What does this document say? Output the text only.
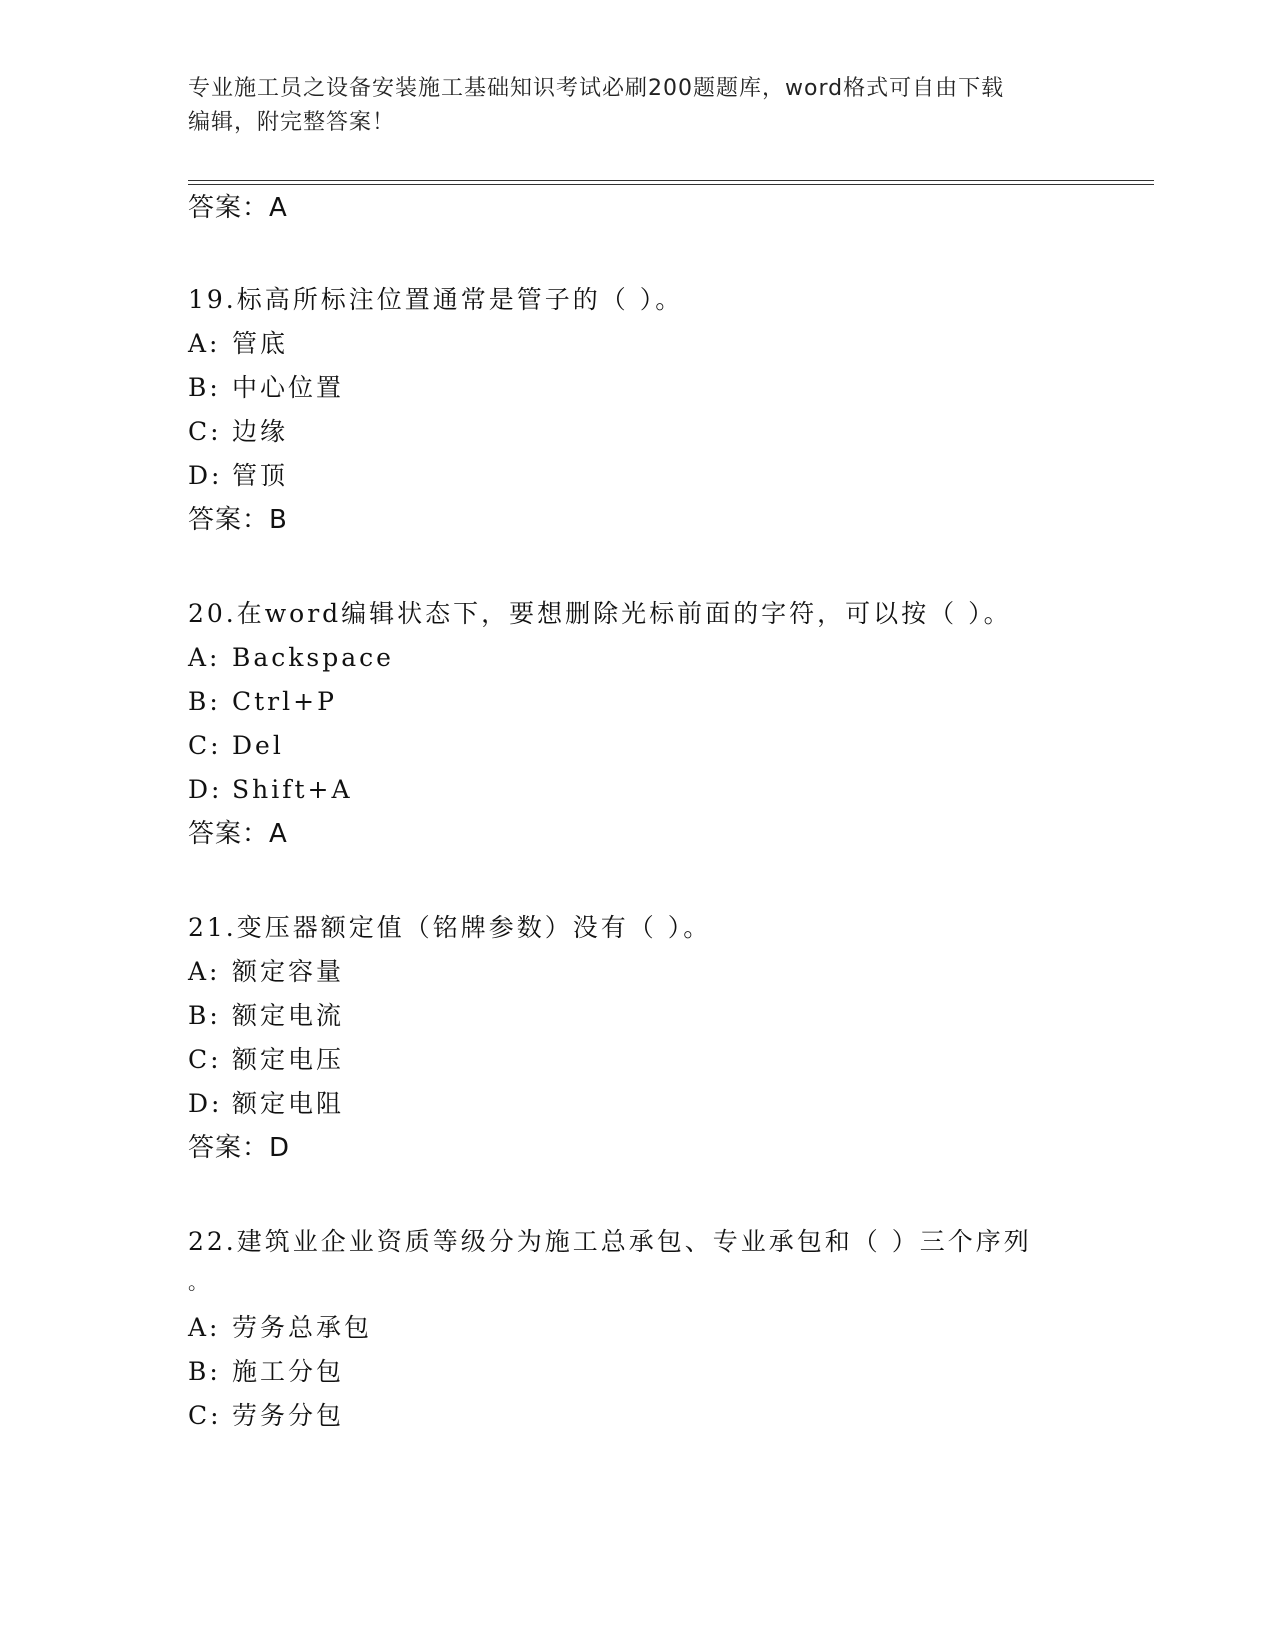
专业施工员之设备安装施工基础知识考试必刷200题题库，word格式可自由下载
编辑，附完整答案！
答案：A
19.标高所标注位置通常是管子的（ ）。
A: 管底
B: 中心位置
C: 边缘
D: 管顶
答案：B
20.在word编辑状态下，要想删除光标前面的字符，可以按（ ）。
A: Backspace
B: Ctrl+P
C: Del
D: Shift+A
答案：A
21.变压器额定值（铭牌参数）没有（ ）。
A: 额定容量
B: 额定电流
C: 额定电压
D: 额定电阻
答案：D
22.建筑业企业资质等级分为施工总承包、专业承包和（ ）三个序列
。
A: 劳务总承包
B: 施工分包
C: 劳务分包
